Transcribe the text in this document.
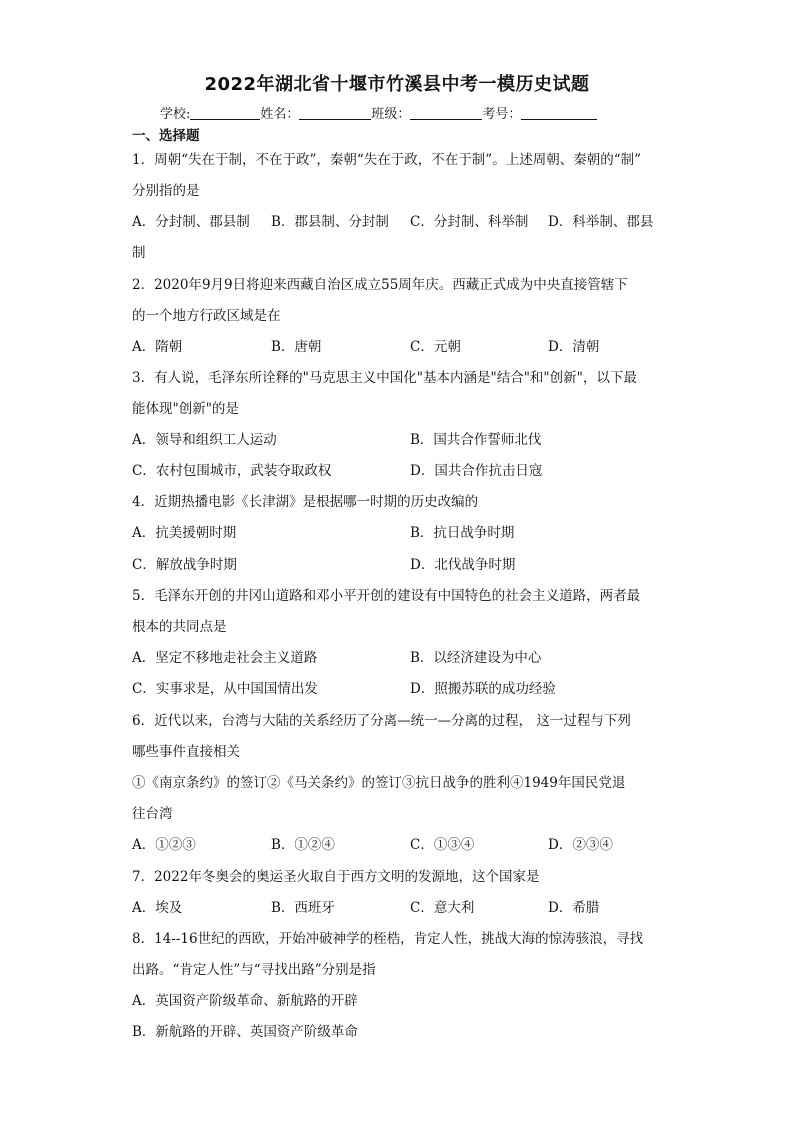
2022年湖北省十堰市竹溪县中考一模历史试题
学校:	姓名：	班级：	考号：
一、选择题
1．周朝“失在于制，不在于政”，秦朝“失在于政，不在于制”。上述周朝、秦朝的“制”
分别指的是
A．分封制、郡县制 B．郡县制、分封制 C．分封制、科举制 D．科举制、郡县
制
2．2020年9月9日将迎来西藏自治区成立55周年庆。西藏正式成为中央直接管辖下
的一个地方行政区域是在
A．隋朝	B．唐朝	C．元朝	D．清朝
3．有人说，毛泽东所诠释的"马克思主义中国化"基本内涵是"结合"和"创新"，以下最
能体现"创新"的是
A．领导和组织工人运动	B．国共合作誓师北伐
C．农村包围城市，武装夺取政权	D．国共合作抗击日寇
4．近期热播电影《长津湖》是根据哪一时期的历史改编的
A．抗美援朝时期	B．抗日战争时期
C．解放战争时期	D．北伐战争时期
5．毛泽东开创的井冈山道路和邓小平开创的建设有中国特色的社会主义道路，两者最
根本的共同点是
A．坚定不移地走社会主义道路	B．以经济建设为中心
C．实事求是，从中国国情出发	D．照搬苏联的成功经验
6．近代以来，台湾与大陆的关系经历了分离—统一—分离的过程， 这一过程与下列
哪些事件直接相关
①《南京条约》的签订②《马关条约》的签订③抗日战争的胜利④1949年国民党退
往台湾
A．①②③	B．①②④	C．①③④	D．②③④
7．2022年冬奥会的奥运圣火取自于西方文明的发源地，这个国家是
A．埃及	B．西班牙	C．意大利	D．希腊
8．14--16世纪的西欧，开始冲破神学的桎梏，肯定人性，挑战大海的惊涛骇浪，寻找
出路。“肯定人性”与“寻找出路”分别是指
A．英国资产阶级革命、新航路的开辟
B．新航路的开辟、英国资产阶级革命
